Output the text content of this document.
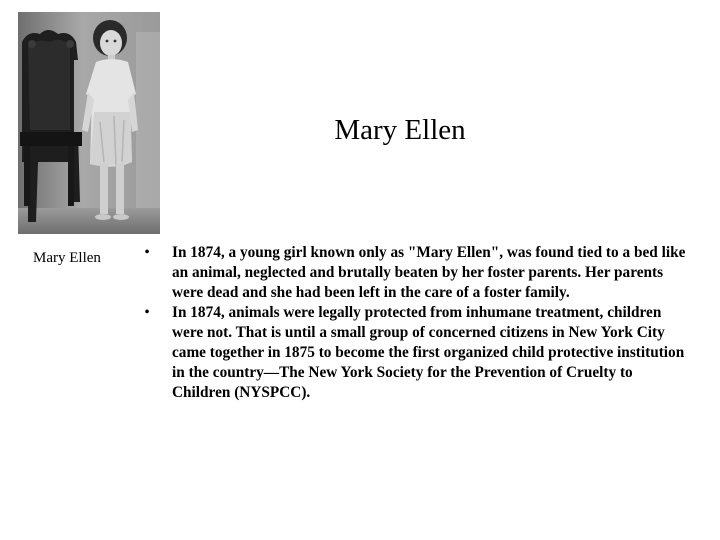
Mary Ellen
Mary Ellen	• In 1874, a young girl known only as "Mary Ellen", was found tied to a bed like an animal, neglected and brutally beaten by her foster parents. Her parents were dead and she had been left in the care of a foster family.
• In 1874, animals were legally protected from inhumane treatment, children were not. That is until a small group of concerned citizens in New York City came together in 1875 to become the first organized child protective institution in the country—The New York Society for the Prevention of Cruelty to Children (NYSPCC).
